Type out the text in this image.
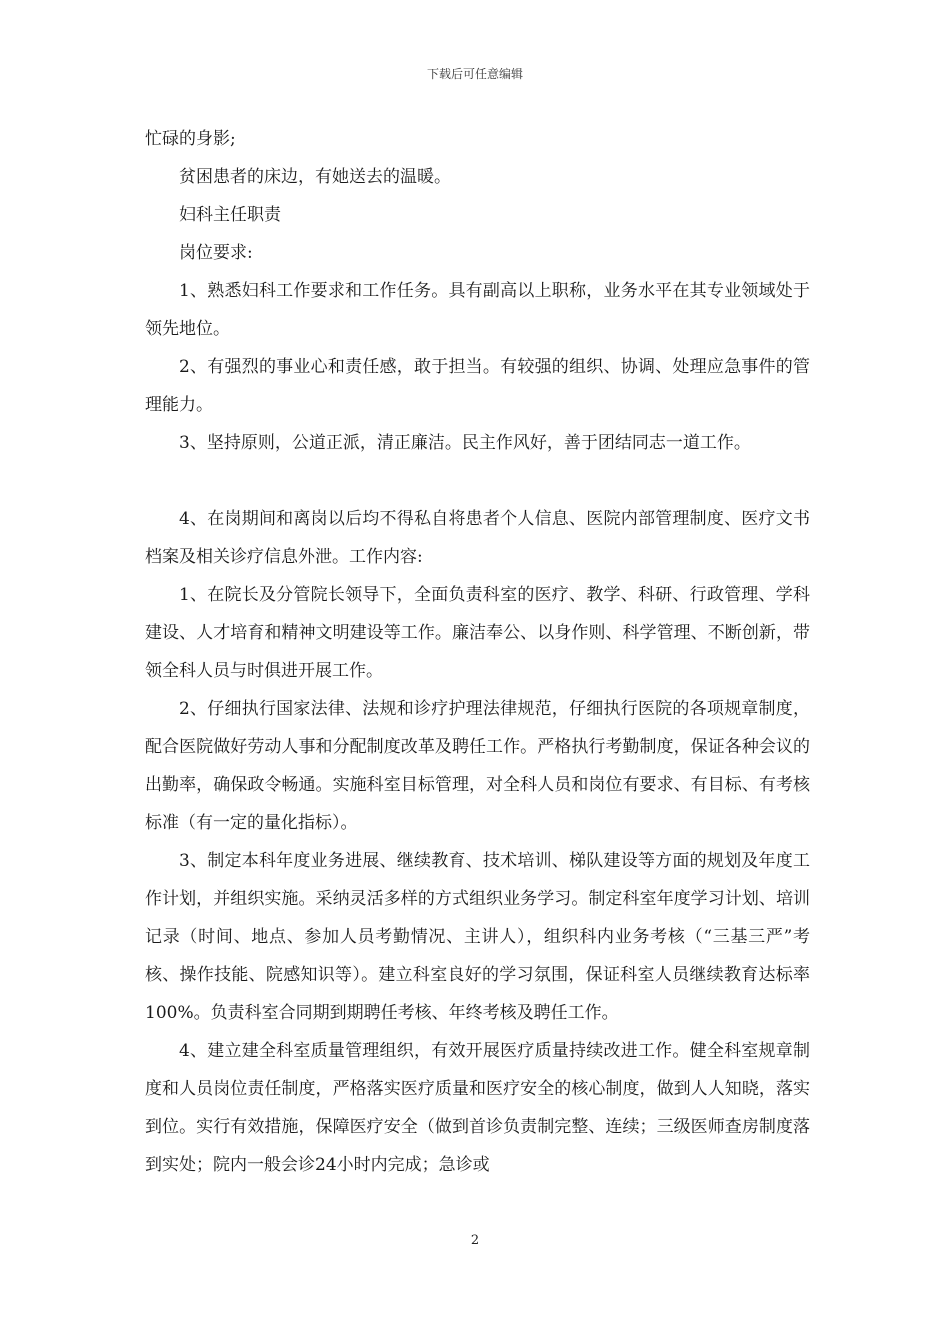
下载后可任意编辑

忙碌的身影;

贫困患者的床边，有她送去的温暖。

妇科主任职责

岗位要求:

1、熟悉妇科工作要求和工作任务。具有副高以上职称，业务水平在其专业领域处于领先地位。

2、有强烈的事业心和责任感，敢于担当。有较强的组织、协调、处理应急事件的管理能力。

3、坚持原则，公道正派，清正廉洁。民主作风好，善于团结同志一道工作。

4、在岗期间和离岗以后均不得私自将患者个人信息、医院内部管理制度、医疗文书档案及相关诊疗信息外泄。工作内容:

1、在院长及分管院长领导下，全面负责科室的医疗、教学、科研、行政管理、学科建设、人才培育和精神文明建设等工作。廉洁奉公、以身作则、科学管理、不断创新，带领全科人员与时俱进开展工作。

2、仔细执行国家法律、法规和诊疗护理法律规范，仔细执行医院的各项规章制度，配合医院做好劳动人事和分配制度改革及聘任工作。严格执行考勤制度，保证各种会议的出勤率，确保政令畅通。实施科室目标管理，对全科人员和岗位有要求、有目标、有考核标准（有一定的量化指标）。

3、制定本科年度业务进展、继续教育、技术培训、梯队建设等方面的规划及年度工作计划，并组织实施。采纳灵活多样的方式组织业务学习。制定科室年度学习计划、培训记录（时间、地点、参加人员考勤情况、主讲人），组织科内业务考核（“三基三严”考核、操作技能、院感知识等）。建立科室良好的学习氛围，保证科室人员继续教育达标率100%。负责科室合同期到期聘任考核、年终考核及聘任工作。

4、建立建全科室质量管理组织，有效开展医疗质量持续改进工作。健全科室规章制度和人员岗位责任制度，严格落实医疗质量和医疗安全的核心制度，做到人人知晓，落实到位。实行有效措施，保障医疗安全（做到首诊负责制完整、连续；三级医师查房制度落到实处；院内一般会诊24小时内完成；急诊或

2
